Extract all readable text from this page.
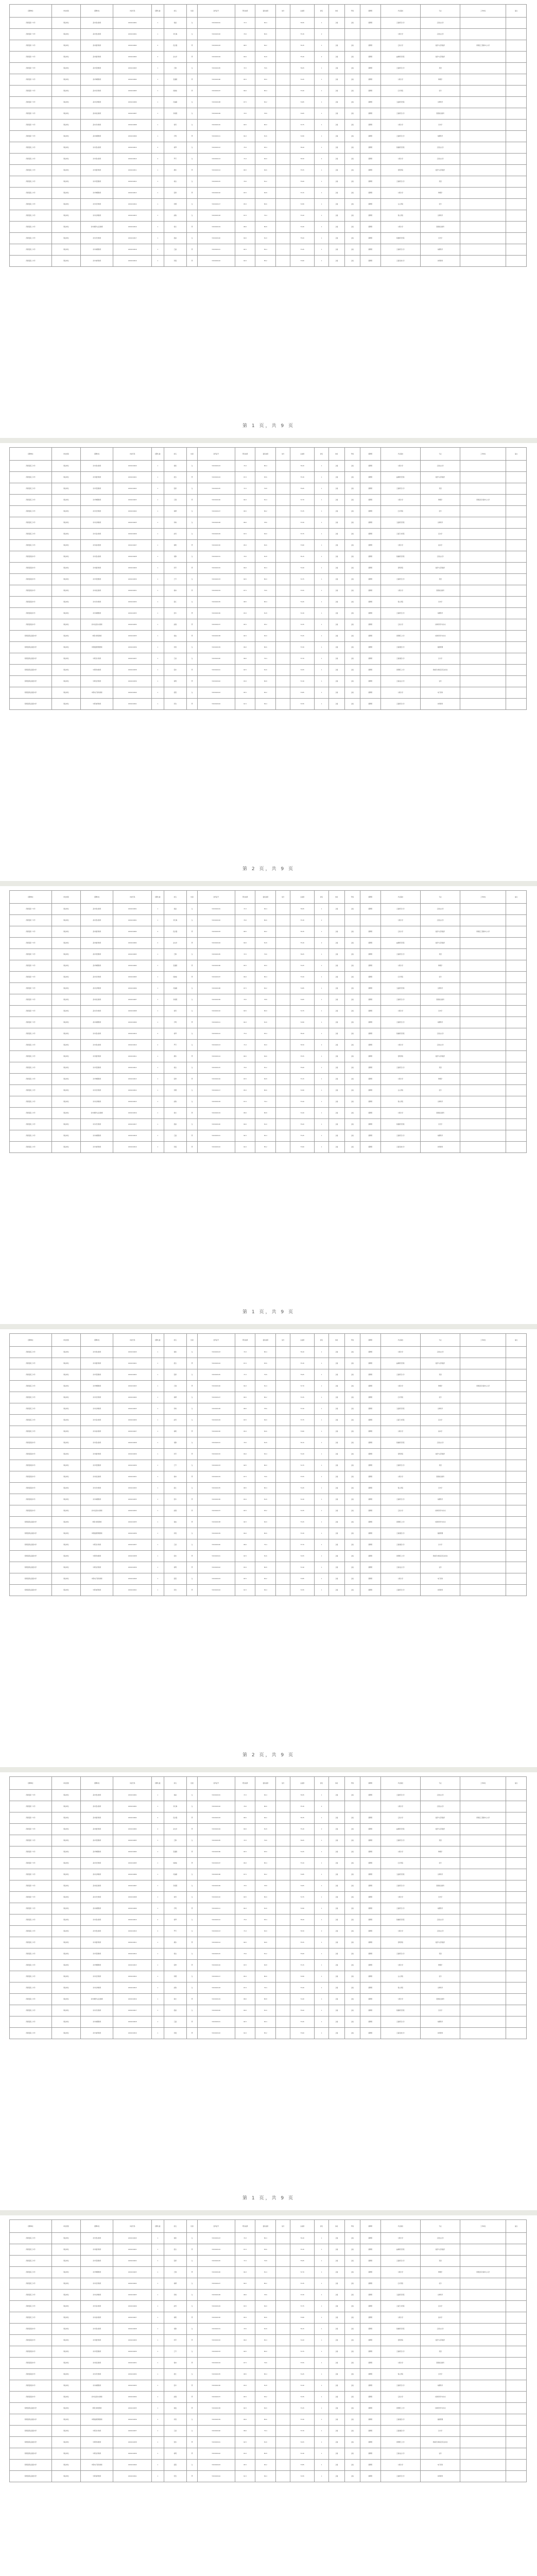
招聘单位	单位类别	招聘岗位	岗位代码	招聘人数	姓名	性别	准考证号	笔试成绩	面试成绩	加分	总成绩	排名	体检	考察	拟聘用	毕业院校	专业	工作单位	备注
洱源县第一中学	事业单位	高中语文教师	2021010001	1	杨丽	女	5321010101	71.5	82.4		76.95	1	合格	合格	拟聘用	云南师范大学	汉语言文学		
洱源县第一中学	事业单位	高中语文教师	2021010001	1	李红梅	女	5321010102	70.0	80.6		75.30	2				大理大学	汉语言文学		
洱源县第一中学	事业单位	高中数学教师	2021010002	2	段志强	男	5321010103	68.5	84.2		76.35	1	合格	合格	拟聘用	云南大学	数学与应用数学	洱源县三营镇中心小学	
洱源县第一中学	事业单位	高中数学教师	2021010002	2	赵文华	男	5321010104	69.0	81.8		75.40	2	合格	合格	拟聘用	曲靖师范学院	数学与应用数学		
洱源县第一中学	事业单位	高中英语教师	2021010003	1	王静	女	5321010105	72.5	79.6		76.05	1	合格	合格	拟聘用	云南师范大学	英语		
洱源县第一中学	事业单位	高中物理教师	2021010004	1	张建国	男	5321010106	65.5	83.0		74.25	1	合格	合格	拟聘用	大理大学	物理学		
洱源县第一中学	事业单位	高中化学教师	2021010005	1	杨晓东	男	5321010107	66.0	80.4		73.20	1	合格	合格	拟聘用	红河学院	化学		
洱源县第一中学	事业单位	高中生物教师	2021010006	1	何丽娟	女	5321010108	67.5	82.2		74.85	1	合格	合格	拟聘用	玉溪师范学院	生物科学		
洱源县第一中学	事业单位	高中政治教师	2021010007	1	李春燕	女	5321010109	70.5	78.8		74.65	1	合格	合格	拟聘用	云南师范大学	思想政治教育		
洱源县第一中学	事业单位	高中历史教师	2021010008	1	杨雪	女	5321010110	69.5	80.0		74.75	1	合格	合格	拟聘用	大理大学	历史学		
洱源县第一中学	事业单位	高中地理教师	2021010009	1	字明	男	5321010111	64.0	81.6		72.80	1	合格	合格	拟聘用	云南师范大学	地理科学		
洱源县第二中学	事业单位	初中语文教师	2021010010	2	杨琴	女	5321010112	73.0	83.4		78.20	1	合格	合格	拟聘用	楚雄师范学院	汉语言文学		
洱源县第二中学	事业单位	初中语文教师	2021010010	2	罗芳	女	5321010113	71.0	82.0		76.50	2	合格	合格	拟聘用	大理大学	汉语言文学		
洱源县第二中学	事业单位	初中数学教师	2021010011	1	施伟	男	5321010114	66.5	84.6		75.55	1	合格	合格	拟聘用	昆明学院	数学与应用数学		
洱源县第二中学	事业单位	初中英语教师	2021010012	1	杨洁	女	5321010115	70.0	81.2		75.60	1	合格	合格	拟聘用	云南师范大学	英语		
洱源县第二中学	事业单位	初中物理教师	2021010013	1	张勇	男	5321010116	63.5	82.8		73.15	1	合格	合格	拟聘用	大理大学	物理学		
洱源县第二中学	事业单位	初中化学教师	2021010014	1	李娜	女	5321010117	65.0	80.6		72.80	1	合格	合格	拟聘用	文山学院	化学		
洱源县第二中学	事业单位	初中生物教师	2021010015	1	赵敏	女	5321010118	67.0	79.4		73.20	1	合格	合格	拟聘用	保山学院	生物科学		
洱源县第二中学	事业单位	初中道德与法治教师	2021010016	1	杨光	男	5321010119	68.0	80.8		74.40	1	合格	合格	拟聘用	大理大学	思想政治教育		
洱源县第二中学	事业单位	初中历史教师	2021010017	1	段丽	女	5321010120	69.0	81.0		75.00	1	合格	合格	拟聘用	楚雄师范学院	历史学		
洱源县第二中学	事业单位	初中地理教师	2021010018	1	王磊	男	5321010121	64.5	82.4		73.45	1	合格	合格	拟聘用	云南师范大学	地理科学		
洱源县第二中学	事业单位	初中体育教师	2021010019	1	李强	男	5321010122	62.0	85.2		73.60	1	合格	合格	拟聘用	云南民族大学	体育教育		
第 1 页，共 9 页
招聘单位	单位类别	招聘岗位	岗位代码	招聘人数	姓名	性别	准考证号	笔试成绩	面试成绩	加分	总成绩	排名	体检	考察	拟聘用	毕业院校	专业	工作单位	备注
洱源县第三中学	事业单位	初中语文教师	2021010020	1	杨艳	女	5321010123	72.0	80.4		76.20	1	合格	合格	拟聘用	大理大学	汉语言文学		
洱源县第三中学	事业单位	初中数学教师	2021010021	1	段杰	男	5321010124	67.0	83.6		75.30	1	合格	合格	拟聘用	曲靖师范学院	数学与应用数学		
洱源县第三中学	事业单位	初中英语教师	2021010022	1	张婷	女	5321010125	71.5	79.8		75.65	1	合格	合格	拟聘用	云南师范大学	英语		
洱源县第三中学	事业单位	初中物理教师	2021010023	1	王刚	男	5321010126	64.0	81.4		72.70	1	合格	合格	拟聘用	大理大学	物理学	洱源县邓川镇中心小学	
洱源县第三中学	事业单位	初中化学教师	2021010024	1	杨柳	女	5321010127	66.5	80.2		73.35	1	合格	合格	拟聘用	红河学院	化学		
洱源县第三中学	事业单位	初中生物教师	2021010025	1	李梅	女	5321010128	68.0	78.6		73.30	1	合格	合格	拟聘用	玉溪师范学院	生物科学		
洱源县第三中学	事业单位	初中音乐教师	2021010026	1	赵雪	女	5321010129	63.5	84.0		73.75	1	合格	合格	拟聘用	云南艺术学院	音乐学		
洱源县第三中学	事业单位	初中美术教师	2021010027	1	杨帆	男	5321010130	65.0	82.6		73.80	1	合格	合格	拟聘用	大理大学	美术学		
洱源县第四中学	事业单位	初中语文教师	2021010028	1	何静	女	5321010131	70.5	81.8		76.15	1	合格	合格	拟聘用	楚雄师范学院	汉语言文学		
洱源县第四中学	事业单位	初中数学教师	2021010029	1	李军	男	5321010132	66.0	82.4		74.20	1	合格	合格	拟聘用	昆明学院	数学与应用数学		
洱源县第四中学	事业单位	初中英语教师	2021010030	1	王芳	女	5321010133	69.5	80.0		74.75	1	合格	合格	拟聘用	云南师范大学	英语		
洱源县第四中学	事业单位	初中政治教师	2021010031	1	杨林	男	5321010134	67.5	79.6		73.55	1	合格	合格	拟聘用	大理大学	思想政治教育		
洱源县第四中学	事业单位	初中历史教师	2021010032	1	段红	女	5321010135	68.5	80.4		74.45	1	合格	合格	拟聘用	保山学院	历史学		
洱源县第四中学	事业单位	初中地理教师	2021010033	1	张华	男	5321010136	63.0	81.8		72.40	1	合格	合格	拟聘用	云南师范大学	地理科学		
洱源县第四中学	事业单位	初中信息技术教师	2021010034	1	赵刚	男	5321010137	65.5	83.2		74.35	1	合格	合格	拟聘用	云南大学	计算机科学与技术		
洱源县职业高级中学	事业单位	中职计算机教师	2021010035	1	杨波	男	5321010138	64.5	82.0		73.25	1	合格	合格	拟聘用	昆明理工大学	计算机科学与技术		
洱源县职业高级中学	事业单位	中职旅游管理教师	2021010036	1	李燕	女	5321010139	66.0	80.6		73.30	1	合格	合格	拟聘用	云南财经大学	旅游管理		
洱源县职业高级中学	事业单位	中职会计教师	2021010037	1	王丽	女	5321010140	68.0	79.4		73.70	1	合格	合格	拟聘用	云南财经大学	会计学		
洱源县职业高级中学	事业单位	中职机电教师	2021010038	1	张伟	男	5321010141	62.5	81.6		72.05	1	合格	合格	拟聘用	昆明理工大学	机械设计制造及其自动化		
洱源县职业高级中学	事业单位	中职农学教师	2021010039	1	杨明	男	5321010142	63.0	80.8		71.90	1	合格	合格	拟聘用	云南农业大学	农学		
洱源县职业高级中学	事业单位	中职电子商务教师	2021010040	1	段燕	女	5321010143	65.5	82.2		73.85	1	合格	合格	拟聘用	大理大学	电子商务		
洱源县职业高级中学	事业单位	中职体育教师	2021010041	1	李浩	男	5321010144	61.5	84.4		72.95	1	合格	合格	拟聘用	云南师范大学	体育教育		
第 2 页，共 9 页
招聘单位	单位类别	招聘岗位	岗位代码	招聘人数	姓名	性别	准考证号	笔试成绩	面试成绩	加分	总成绩	排名	体检	考察	拟聘用	毕业院校	专业	工作单位	备注
洱源县第一中学	事业单位	高中语文教师	2021010001	1	杨丽	女	5321010101	71.5	82.4		76.95	1	合格	合格	拟聘用	云南师范大学	汉语言文学		
洱源县第一中学	事业单位	高中语文教师	2021010001	1	李红梅	女	5321010102	70.0	80.6		75.30	2				大理大学	汉语言文学		
洱源县第一中学	事业单位	高中数学教师	2021010002	2	段志强	男	5321010103	68.5	84.2		76.35	1	合格	合格	拟聘用	云南大学	数学与应用数学	洱源县三营镇中心小学	
洱源县第一中学	事业单位	高中数学教师	2021010002	2	赵文华	男	5321010104	69.0	81.8		75.40	2	合格	合格	拟聘用	曲靖师范学院	数学与应用数学		
洱源县第一中学	事业单位	高中英语教师	2021010003	1	王静	女	5321010105	72.5	79.6		76.05	1	合格	合格	拟聘用	云南师范大学	英语		
洱源县第一中学	事业单位	高中物理教师	2021010004	1	张建国	男	5321010106	65.5	83.0		74.25	1	合格	合格	拟聘用	大理大学	物理学		
洱源县第一中学	事业单位	高中化学教师	2021010005	1	杨晓东	男	5321010107	66.0	80.4		73.20	1	合格	合格	拟聘用	红河学院	化学		
洱源县第一中学	事业单位	高中生物教师	2021010006	1	何丽娟	女	5321010108	67.5	82.2		74.85	1	合格	合格	拟聘用	玉溪师范学院	生物科学		
洱源县第一中学	事业单位	高中政治教师	2021010007	1	李春燕	女	5321010109	70.5	78.8		74.65	1	合格	合格	拟聘用	云南师范大学	思想政治教育		
洱源县第一中学	事业单位	高中历史教师	2021010008	1	杨雪	女	5321010110	69.5	80.0		74.75	1	合格	合格	拟聘用	大理大学	历史学		
洱源县第一中学	事业单位	高中地理教师	2021010009	1	字明	男	5321010111	64.0	81.6		72.80	1	合格	合格	拟聘用	云南师范大学	地理科学		
洱源县第二中学	事业单位	初中语文教师	2021010010	2	杨琴	女	5321010112	73.0	83.4		78.20	1	合格	合格	拟聘用	楚雄师范学院	汉语言文学		
洱源县第二中学	事业单位	初中语文教师	2021010010	2	罗芳	女	5321010113	71.0	82.0		76.50	2	合格	合格	拟聘用	大理大学	汉语言文学		
洱源县第二中学	事业单位	初中数学教师	2021010011	1	施伟	男	5321010114	66.5	84.6		75.55	1	合格	合格	拟聘用	昆明学院	数学与应用数学		
洱源县第二中学	事业单位	初中英语教师	2021010012	1	杨洁	女	5321010115	70.0	81.2		75.60	1	合格	合格	拟聘用	云南师范大学	英语		
洱源县第二中学	事业单位	初中物理教师	2021010013	1	张勇	男	5321010116	63.5	82.8		73.15	1	合格	合格	拟聘用	大理大学	物理学		
洱源县第二中学	事业单位	初中化学教师	2021010014	1	李娜	女	5321010117	65.0	80.6		72.80	1	合格	合格	拟聘用	文山学院	化学		
洱源县第二中学	事业单位	初中生物教师	2021010015	1	赵敏	女	5321010118	67.0	79.4		73.20	1	合格	合格	拟聘用	保山学院	生物科学		
洱源县第二中学	事业单位	初中道德与法治教师	2021010016	1	杨光	男	5321010119	68.0	80.8		74.40	1	合格	合格	拟聘用	大理大学	思想政治教育		
洱源县第二中学	事业单位	初中历史教师	2021010017	1	段丽	女	5321010120	69.0	81.0		75.00	1	合格	合格	拟聘用	楚雄师范学院	历史学		
洱源县第二中学	事业单位	初中地理教师	2021010018	1	王磊	男	5321010121	64.5	82.4		73.45	1	合格	合格	拟聘用	云南师范大学	地理科学		
洱源县第二中学	事业单位	初中体育教师	2021010019	1	李强	男	5321010122	62.0	85.2		73.60	1	合格	合格	拟聘用	云南民族大学	体育教育		
第 1 页，共 9 页
招聘单位	单位类别	招聘岗位	岗位代码	招聘人数	姓名	性别	准考证号	笔试成绩	面试成绩	加分	总成绩	排名	体检	考察	拟聘用	毕业院校	专业	工作单位	备注
洱源县第三中学	事业单位	初中语文教师	2021010020	1	杨艳	女	5321010123	72.0	80.4		76.20	1	合格	合格	拟聘用	大理大学	汉语言文学		
洱源县第三中学	事业单位	初中数学教师	2021010021	1	段杰	男	5321010124	67.0	83.6		75.30	1	合格	合格	拟聘用	曲靖师范学院	数学与应用数学		
洱源县第三中学	事业单位	初中英语教师	2021010022	1	张婷	女	5321010125	71.5	79.8		75.65	1	合格	合格	拟聘用	云南师范大学	英语		
洱源县第三中学	事业单位	初中物理教师	2021010023	1	王刚	男	5321010126	64.0	81.4		72.70	1	合格	合格	拟聘用	大理大学	物理学	洱源县邓川镇中心小学	
洱源县第三中学	事业单位	初中化学教师	2021010024	1	杨柳	女	5321010127	66.5	80.2		73.35	1	合格	合格	拟聘用	红河学院	化学		
洱源县第三中学	事业单位	初中生物教师	2021010025	1	李梅	女	5321010128	68.0	78.6		73.30	1	合格	合格	拟聘用	玉溪师范学院	生物科学		
洱源县第三中学	事业单位	初中音乐教师	2021010026	1	赵雪	女	5321010129	63.5	84.0		73.75	1	合格	合格	拟聘用	云南艺术学院	音乐学		
洱源县第三中学	事业单位	初中美术教师	2021010027	1	杨帆	男	5321010130	65.0	82.6		73.80	1	合格	合格	拟聘用	大理大学	美术学		
洱源县第四中学	事业单位	初中语文教师	2021010028	1	何静	女	5321010131	70.5	81.8		76.15	1	合格	合格	拟聘用	楚雄师范学院	汉语言文学		
洱源县第四中学	事业单位	初中数学教师	2021010029	1	李军	男	5321010132	66.0	82.4		74.20	1	合格	合格	拟聘用	昆明学院	数学与应用数学		
洱源县第四中学	事业单位	初中英语教师	2021010030	1	王芳	女	5321010133	69.5	80.0		74.75	1	合格	合格	拟聘用	云南师范大学	英语		
洱源县第四中学	事业单位	初中政治教师	2021010031	1	杨林	男	5321010134	67.5	79.6		73.55	1	合格	合格	拟聘用	大理大学	思想政治教育		
洱源县第四中学	事业单位	初中历史教师	2021010032	1	段红	女	5321010135	68.5	80.4		74.45	1	合格	合格	拟聘用	保山学院	历史学		
洱源县第四中学	事业单位	初中地理教师	2021010033	1	张华	男	5321010136	63.0	81.8		72.40	1	合格	合格	拟聘用	云南师范大学	地理科学		
洱源县第四中学	事业单位	初中信息技术教师	2021010034	1	赵刚	男	5321010137	65.5	83.2		74.35	1	合格	合格	拟聘用	云南大学	计算机科学与技术		
洱源县职业高级中学	事业单位	中职计算机教师	2021010035	1	杨波	男	5321010138	64.5	82.0		73.25	1	合格	合格	拟聘用	昆明理工大学	计算机科学与技术		
洱源县职业高级中学	事业单位	中职旅游管理教师	2021010036	1	李燕	女	5321010139	66.0	80.6		73.30	1	合格	合格	拟聘用	云南财经大学	旅游管理		
洱源县职业高级中学	事业单位	中职会计教师	2021010037	1	王丽	女	5321010140	68.0	79.4		73.70	1	合格	合格	拟聘用	云南财经大学	会计学		
洱源县职业高级中学	事业单位	中职机电教师	2021010038	1	张伟	男	5321010141	62.5	81.6		72.05	1	合格	合格	拟聘用	昆明理工大学	机械设计制造及其自动化		
洱源县职业高级中学	事业单位	中职农学教师	2021010039	1	杨明	男	5321010142	63.0	80.8		71.90	1	合格	合格	拟聘用	云南农业大学	农学		
洱源县职业高级中学	事业单位	中职电子商务教师	2021010040	1	段燕	女	5321010143	65.5	82.2		73.85	1	合格	合格	拟聘用	大理大学	电子商务		
洱源县职业高级中学	事业单位	中职体育教师	2021010041	1	李浩	男	5321010144	61.5	84.4		72.95	1	合格	合格	拟聘用	云南师范大学	体育教育		
第 2 页，共 9 页
招聘单位	单位类别	招聘岗位	岗位代码	招聘人数	姓名	性别	准考证号	笔试成绩	面试成绩	加分	总成绩	排名	体检	考察	拟聘用	毕业院校	专业	工作单位	备注
洱源县第一中学	事业单位	高中语文教师	2021010001	1	杨丽	女	5321010101	71.5	82.4		76.95	1	合格	合格	拟聘用	云南师范大学	汉语言文学		
洱源县第一中学	事业单位	高中语文教师	2021010001	1	李红梅	女	5321010102	70.0	80.6		75.30	2				大理大学	汉语言文学		
洱源县第一中学	事业单位	高中数学教师	2021010002	2	段志强	男	5321010103	68.5	84.2		76.35	1	合格	合格	拟聘用	云南大学	数学与应用数学	洱源县三营镇中心小学	
洱源县第一中学	事业单位	高中数学教师	2021010002	2	赵文华	男	5321010104	69.0	81.8		75.40	2	合格	合格	拟聘用	曲靖师范学院	数学与应用数学		
洱源县第一中学	事业单位	高中英语教师	2021010003	1	王静	女	5321010105	72.5	79.6		76.05	1	合格	合格	拟聘用	云南师范大学	英语		
洱源县第一中学	事业单位	高中物理教师	2021010004	1	张建国	男	5321010106	65.5	83.0		74.25	1	合格	合格	拟聘用	大理大学	物理学		
洱源县第一中学	事业单位	高中化学教师	2021010005	1	杨晓东	男	5321010107	66.0	80.4		73.20	1	合格	合格	拟聘用	红河学院	化学		
洱源县第一中学	事业单位	高中生物教师	2021010006	1	何丽娟	女	5321010108	67.5	82.2		74.85	1	合格	合格	拟聘用	玉溪师范学院	生物科学		
洱源县第一中学	事业单位	高中政治教师	2021010007	1	李春燕	女	5321010109	70.5	78.8		74.65	1	合格	合格	拟聘用	云南师范大学	思想政治教育		
洱源县第一中学	事业单位	高中历史教师	2021010008	1	杨雪	女	5321010110	69.5	80.0		74.75	1	合格	合格	拟聘用	大理大学	历史学		
洱源县第一中学	事业单位	高中地理教师	2021010009	1	字明	男	5321010111	64.0	81.6		72.80	1	合格	合格	拟聘用	云南师范大学	地理科学		
洱源县第二中学	事业单位	初中语文教师	2021010010	2	杨琴	女	5321010112	73.0	83.4		78.20	1	合格	合格	拟聘用	楚雄师范学院	汉语言文学		
洱源县第二中学	事业单位	初中语文教师	2021010010	2	罗芳	女	5321010113	71.0	82.0		76.50	2	合格	合格	拟聘用	大理大学	汉语言文学		
洱源县第二中学	事业单位	初中数学教师	2021010011	1	施伟	男	5321010114	66.5	84.6		75.55	1	合格	合格	拟聘用	昆明学院	数学与应用数学		
洱源县第二中学	事业单位	初中英语教师	2021010012	1	杨洁	女	5321010115	70.0	81.2		75.60	1	合格	合格	拟聘用	云南师范大学	英语		
洱源县第二中学	事业单位	初中物理教师	2021010013	1	张勇	男	5321010116	63.5	82.8		73.15	1	合格	合格	拟聘用	大理大学	物理学		
洱源县第二中学	事业单位	初中化学教师	2021010014	1	李娜	女	5321010117	65.0	80.6		72.80	1	合格	合格	拟聘用	文山学院	化学		
洱源县第二中学	事业单位	初中生物教师	2021010015	1	赵敏	女	5321010118	67.0	79.4		73.20	1	合格	合格	拟聘用	保山学院	生物科学		
洱源县第二中学	事业单位	初中道德与法治教师	2021010016	1	杨光	男	5321010119	68.0	80.8		74.40	1	合格	合格	拟聘用	大理大学	思想政治教育		
洱源县第二中学	事业单位	初中历史教师	2021010017	1	段丽	女	5321010120	69.0	81.0		75.00	1	合格	合格	拟聘用	楚雄师范学院	历史学		
洱源县第二中学	事业单位	初中地理教师	2021010018	1	王磊	男	5321010121	64.5	82.4		73.45	1	合格	合格	拟聘用	云南师范大学	地理科学		
洱源县第二中学	事业单位	初中体育教师	2021010019	1	李强	男	5321010122	62.0	85.2		73.60	1	合格	合格	拟聘用	云南民族大学	体育教育		
第 1 页，共 9 页
招聘单位	单位类别	招聘岗位	岗位代码	招聘人数	姓名	性别	准考证号	笔试成绩	面试成绩	加分	总成绩	排名	体检	考察	拟聘用	毕业院校	专业	工作单位	备注
洱源县第三中学	事业单位	初中语文教师	2021010020	1	杨艳	女	5321010123	72.0	80.4		76.20	1	合格	合格	拟聘用	大理大学	汉语言文学		
洱源县第三中学	事业单位	初中数学教师	2021010021	1	段杰	男	5321010124	67.0	83.6		75.30	1	合格	合格	拟聘用	曲靖师范学院	数学与应用数学		
洱源县第三中学	事业单位	初中英语教师	2021010022	1	张婷	女	5321010125	71.5	79.8		75.65	1	合格	合格	拟聘用	云南师范大学	英语		
洱源县第三中学	事业单位	初中物理教师	2021010023	1	王刚	男	5321010126	64.0	81.4		72.70	1	合格	合格	拟聘用	大理大学	物理学	洱源县邓川镇中心小学	
洱源县第三中学	事业单位	初中化学教师	2021010024	1	杨柳	女	5321010127	66.5	80.2		73.35	1	合格	合格	拟聘用	红河学院	化学		
洱源县第三中学	事业单位	初中生物教师	2021010025	1	李梅	女	5321010128	68.0	78.6		73.30	1	合格	合格	拟聘用	玉溪师范学院	生物科学		
洱源县第三中学	事业单位	初中音乐教师	2021010026	1	赵雪	女	5321010129	63.5	84.0		73.75	1	合格	合格	拟聘用	云南艺术学院	音乐学		
洱源县第三中学	事业单位	初中美术教师	2021010027	1	杨帆	男	5321010130	65.0	82.6		73.80	1	合格	合格	拟聘用	大理大学	美术学		
洱源县第四中学	事业单位	初中语文教师	2021010028	1	何静	女	5321010131	70.5	81.8		76.15	1	合格	合格	拟聘用	楚雄师范学院	汉语言文学		
洱源县第四中学	事业单位	初中数学教师	2021010029	1	李军	男	5321010132	66.0	82.4		74.20	1	合格	合格	拟聘用	昆明学院	数学与应用数学		
洱源县第四中学	事业单位	初中英语教师	2021010030	1	王芳	女	5321010133	69.5	80.0		74.75	1	合格	合格	拟聘用	云南师范大学	英语		
洱源县第四中学	事业单位	初中政治教师	2021010031	1	杨林	男	5321010134	67.5	79.6		73.55	1	合格	合格	拟聘用	大理大学	思想政治教育		
洱源县第四中学	事业单位	初中历史教师	2021010032	1	段红	女	5321010135	68.5	80.4		74.45	1	合格	合格	拟聘用	保山学院	历史学		
洱源县第四中学	事业单位	初中地理教师	2021010033	1	张华	男	5321010136	63.0	81.8		72.40	1	合格	合格	拟聘用	云南师范大学	地理科学		
洱源县第四中学	事业单位	初中信息技术教师	2021010034	1	赵刚	男	5321010137	65.5	83.2		74.35	1	合格	合格	拟聘用	云南大学	计算机科学与技术		
洱源县职业高级中学	事业单位	中职计算机教师	2021010035	1	杨波	男	5321010138	64.5	82.0		73.25	1	合格	合格	拟聘用	昆明理工大学	计算机科学与技术		
洱源县职业高级中学	事业单位	中职旅游管理教师	2021010036	1	李燕	女	5321010139	66.0	80.6		73.30	1	合格	合格	拟聘用	云南财经大学	旅游管理		
洱源县职业高级中学	事业单位	中职会计教师	2021010037	1	王丽	女	5321010140	68.0	79.4		73.70	1	合格	合格	拟聘用	云南财经大学	会计学		
洱源县职业高级中学	事业单位	中职机电教师	2021010038	1	张伟	男	5321010141	62.5	81.6		72.05	1	合格	合格	拟聘用	昆明理工大学	机械设计制造及其自动化		
洱源县职业高级中学	事业单位	中职农学教师	2021010039	1	杨明	男	5321010142	63.0	80.8		71.90	1	合格	合格	拟聘用	云南农业大学	农学		
洱源县职业高级中学	事业单位	中职电子商务教师	2021010040	1	段燕	女	5321010143	65.5	82.2		73.85	1	合格	合格	拟聘用	大理大学	电子商务		
洱源县职业高级中学	事业单位	中职体育教师	2021010041	1	李浩	男	5321010144	61.5	84.4		72.95	1	合格	合格	拟聘用	云南师范大学	体育教育		
